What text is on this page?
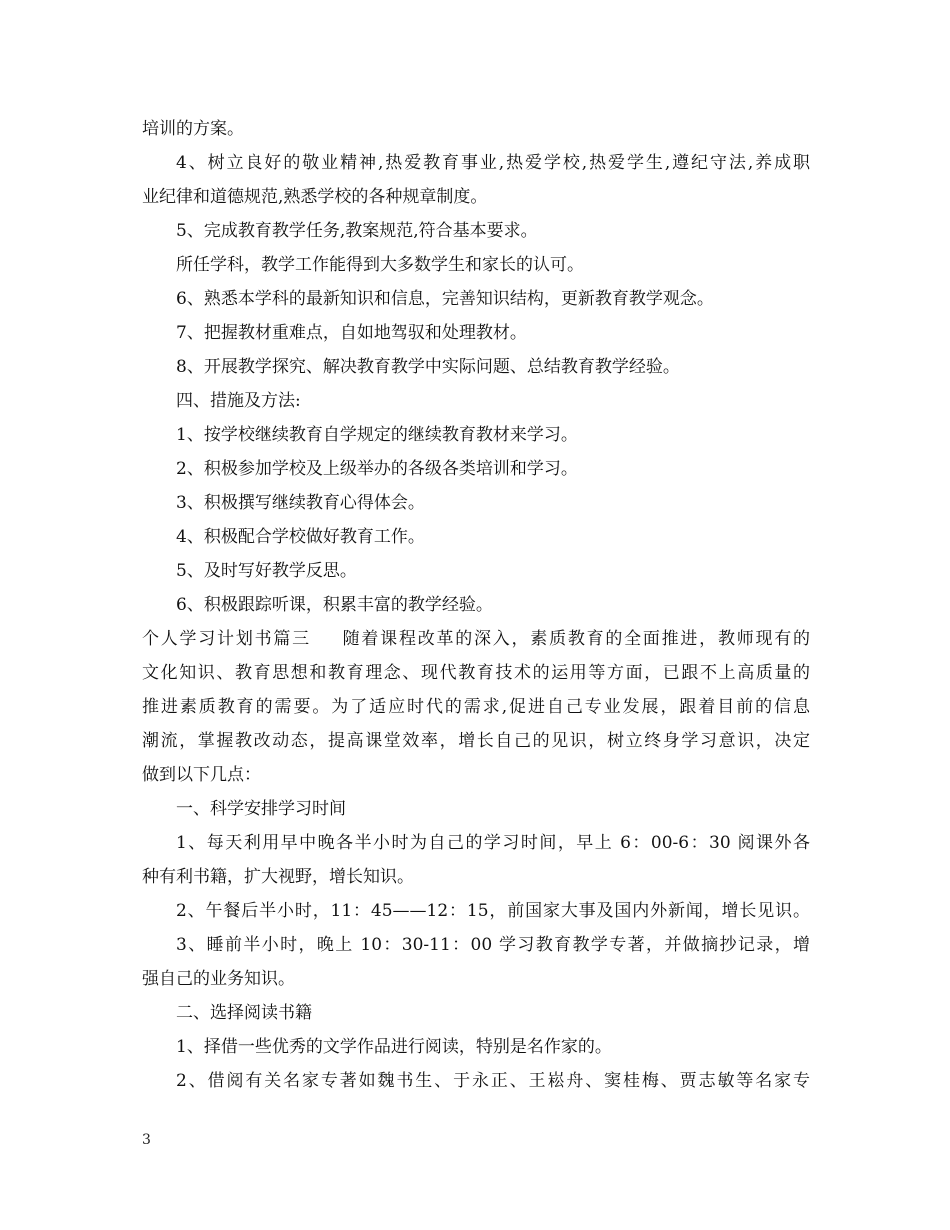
培训的方案。
4、树立良好的敬业精神,热爱教育事业,热爱学校,热爱学生,遵纪守法,养成职
业纪律和道德规范,熟悉学校的各种规章制度。
5、完成教育教学任务,教案规范,符合基本要求。
所任学科，教学工作能得到大多数学生和家长的认可。
6、熟悉本学科的最新知识和信息，完善知识结构，更新教育教学观念。
7、把握教材重难点，自如地驾驭和处理教材。
8、开展教学探究、解决教育教学中实际问题、总结教育教学经验。
四、措施及方法:
1、按学校继续教育自学规定的继续教育教材来学习。
2、积极参加学校及上级举办的各级各类培训和学习。
3、积极撰写继续教育心得体会。
4、积极配合学校做好教育工作。
5、及时写好教学反思。
6、积极跟踪听课，积累丰富的教学经验。
个人学习计划书篇三 随着课程改革的深入，素质教育的全面推进，教师现有的
文化知识、教育思想和教育理念、现代教育技术的运用等方面，已跟不上高质量的
推进素质教育的需要。为了适应时代的需求,促进自己专业发展，跟着目前的信息
潮流，掌握教改动态，提高课堂效率，增长自己的见识，树立终身学习意识，决定
做到以下几点：
一、科学安排学习时间
1、每天利用早中晚各半小时为自己的学习时间，早上 6：00-6：30 阅课外各
种有利书籍，扩大视野，增长知识。
2、午餐后半小时，11：45——12：15，前国家大事及国内外新闻，增长见识。
3、睡前半小时，晚上 10：30-11：00 学习教育教学专著，并做摘抄记录，增
强自己的业务知识。
二、选择阅读书籍
1、择借一些优秀的文学作品进行阅读，特别是名作家的。
2、借阅有关名家专著如魏书生、于永正、王崧舟、窦桂梅、贾志敏等名家专
3
